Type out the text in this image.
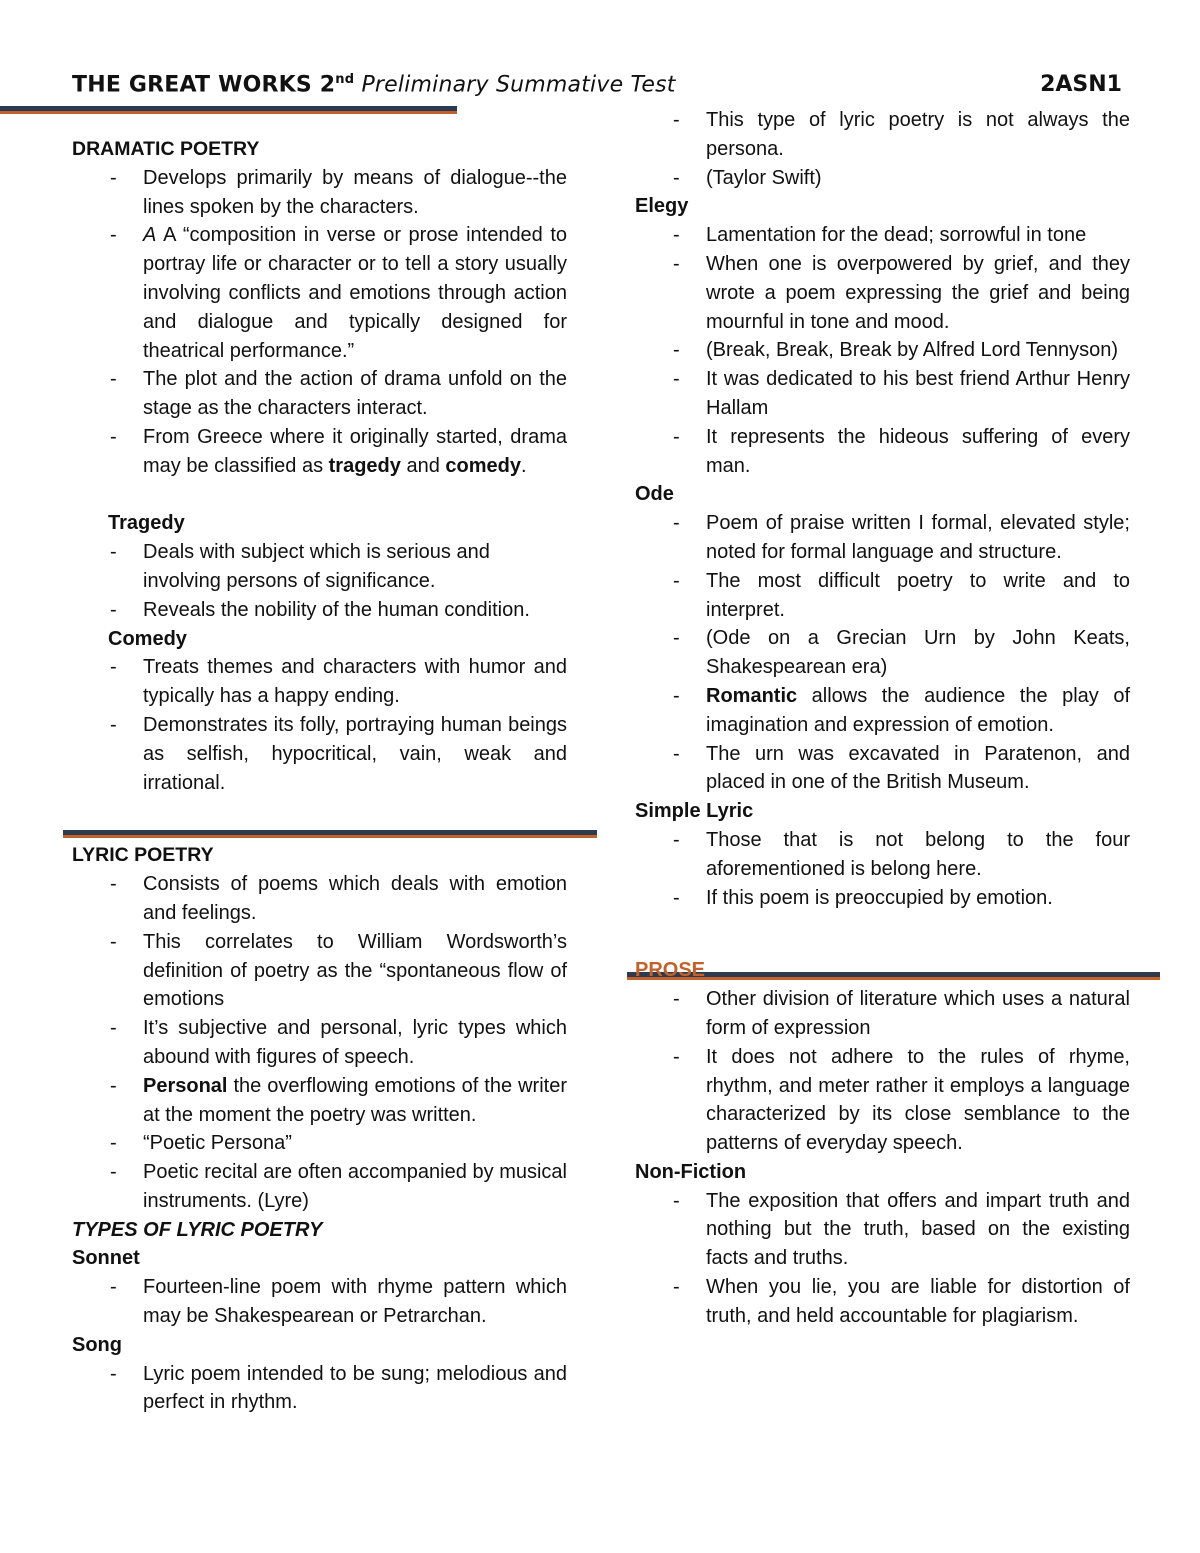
THE GREAT WORKS 2nd Preliminary Summative Test	2ASN1
DRAMATIC POETRY
- Develops primarily by means of dialogue--the lines spoken by the characters.
- A A “composition in verse or prose intended to portray life or character or to tell a story usually involving conflicts and emotions through action and dialogue and typically designed for theatrical performance.”
- The plot and the action of drama unfold on the stage as the characters interact.
- From Greece where it originally started, drama may be classified as tragedy and comedy.
Tragedy
- Deals with subject which is serious and involving persons of significance.
- Reveals the nobility of the human condition.
Comedy
- Treats themes and characters with humor and typically has a happy ending.
- Demonstrates its folly, portraying human beings as selfish, hypocritical, vain, weak and irrational.
LYRIC POETRY
- Consists of poems which deals with emotion and feelings.
- This correlates to William Wordsworth’s definition of poetry as the “spontaneous flow of emotions
- It’s subjective and personal, lyric types which abound with figures of speech.
- Personal the overflowing emotions of the writer at the moment the poetry was written.
- “Poetic Persona”
- Poetic recital are often accompanied by musical instruments. (Lyre)
TYPES OF LYRIC POETRY
Sonnet
- Fourteen-line poem with rhyme pattern which may be Shakespearean or Petrarchan.
Song
- Lyric poem intended to be sung; melodious and perfect in rhythm.
- This type of lyric poetry is not always the persona.
- (Taylor Swift)
Elegy
- Lamentation for the dead; sorrowful in tone
- When one is overpowered by grief, and they wrote a poem expressing the grief and being mournful in tone and mood.
- (Break, Break, Break by Alfred Lord Tennyson)
- It was dedicated to his best friend Arthur Henry Hallam
- It represents the hideous suffering of every man.
Ode
- Poem of praise written I formal, elevated style; noted for formal language and structure.
- The most difficult poetry to write and to interpret.
- (Ode on a Grecian Urn by John Keats, Shakespearean era)
- Romantic allows the audience the play of imagination and expression of emotion.
- The urn was excavated in Paratenon, and placed in one of the British Museum.
Simple Lyric
- Those that is not belong to the four aforementioned is belong here.
- If this poem is preoccupied by emotion.
PROSE
- Other division of literature which uses a natural form of expression
- It does not adhere to the rules of rhyme, rhythm, and meter rather it employs a language characterized by its close semblance to the patterns of everyday speech.
Non-Fiction
- The exposition that offers and impart truth and nothing but the truth, based on the existing facts and truths.
- When you lie, you are liable for distortion of truth, and held accountable for plagiarism.
